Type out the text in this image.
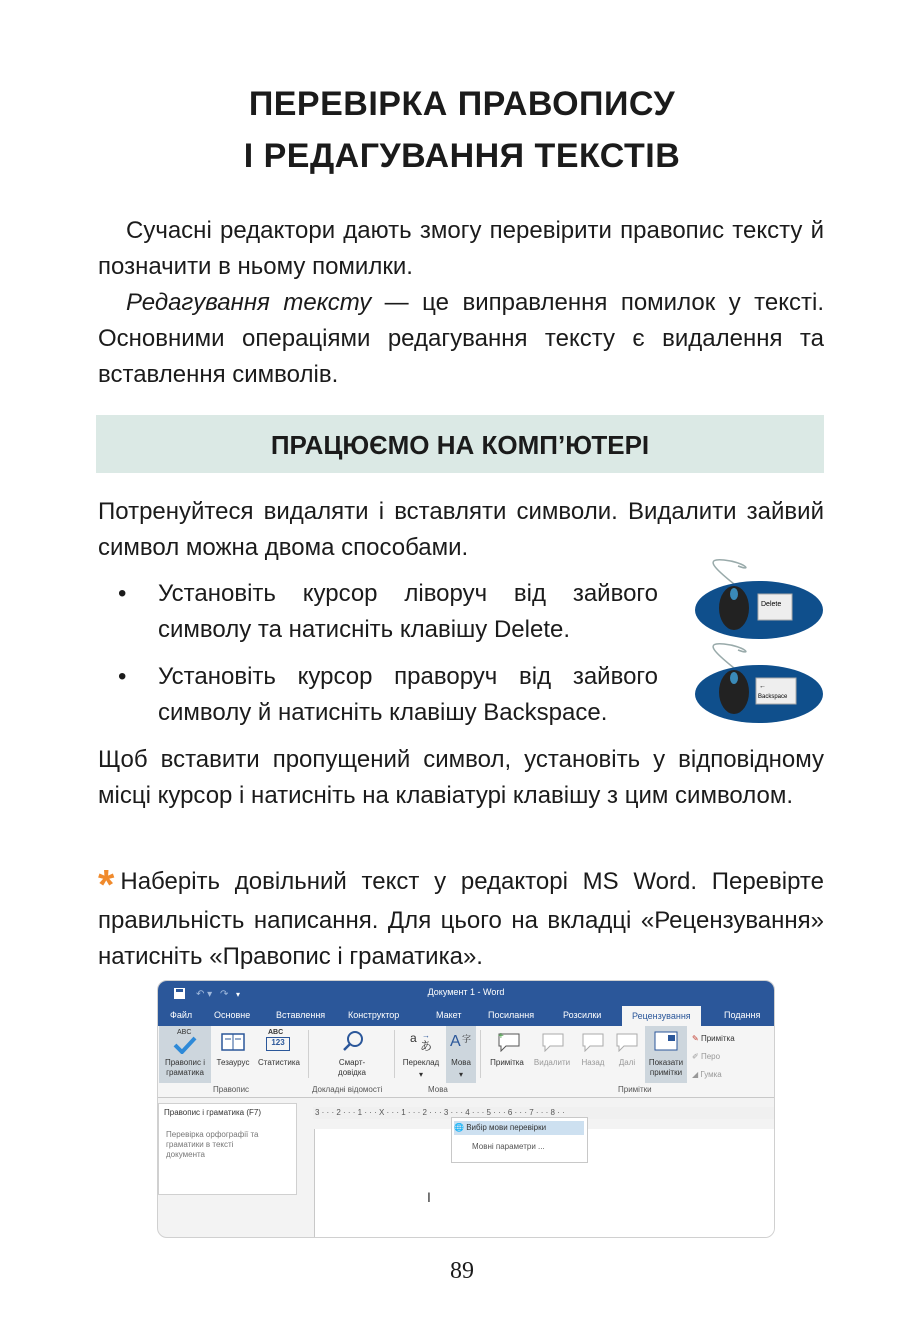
ПЕРЕВІРКА ПРАВОПИСУ
І РЕДАГУВАННЯ ТЕКСТІВ
Сучасні редактори дають змогу перевірити правопис тексту й позначити в ньому помилки.
Редагування тексту — це виправлення помилок у тексті. Основними операціями редагування тексту є видалення та вставлення символів.
ПРАЦЮЄМО НА КОМП’ЮТЕРІ
Потренуйтеся видаляти і вставляти символи. Видалити зайвий символ можна двома способами.
• Установіть курсор ліворуч від зайвого символу та натисніть клавішу Delete.
• Установіть курсор праворуч від зайвого символу й натисніть клавішу Backspace.
Delete
←
Backspace
Щоб вставити пропущений символ, установіть у відповідному місці курсор і натисніть на клавіатурі клавішу з цим символом.
* Наберіть довільний текст у редакторі MS Word. Перевірте правильність написання. Для цього на вкладці «Рецензування» натисніть «Правопис і граматика».
↶ ▾ ↷ ▾	Документ 1 - Word
Файл Основне	Вставлення	Конструктор	Макет	Посилання	Розсилки	Рецензування	Подання
ABC
Правопис і граматика
Тезаурус
ABC
123
Статистика	Смарт-довідка
a
あ
→
Переклад
▾
A 字
Мова
▾
+
Примітка	Видалити	Назад	Далі	Показати примітки
✎ Примітка
✐ Перо
◢ Гумка
Правопис	Докладні відомості	Мова	Примітки
Правопис і граматика (F7)
Перевірка орфографії та граматики в тексті документа
3 · · · 2 · · · 1 · · · X · · · 1 · · · 2 · · · 3 · · · 4 · · · 5 · · · 6 · · · 7 · · · 8 · ·
I
🌐 Вибір мови перевірки
Мовні параметри ...
89
